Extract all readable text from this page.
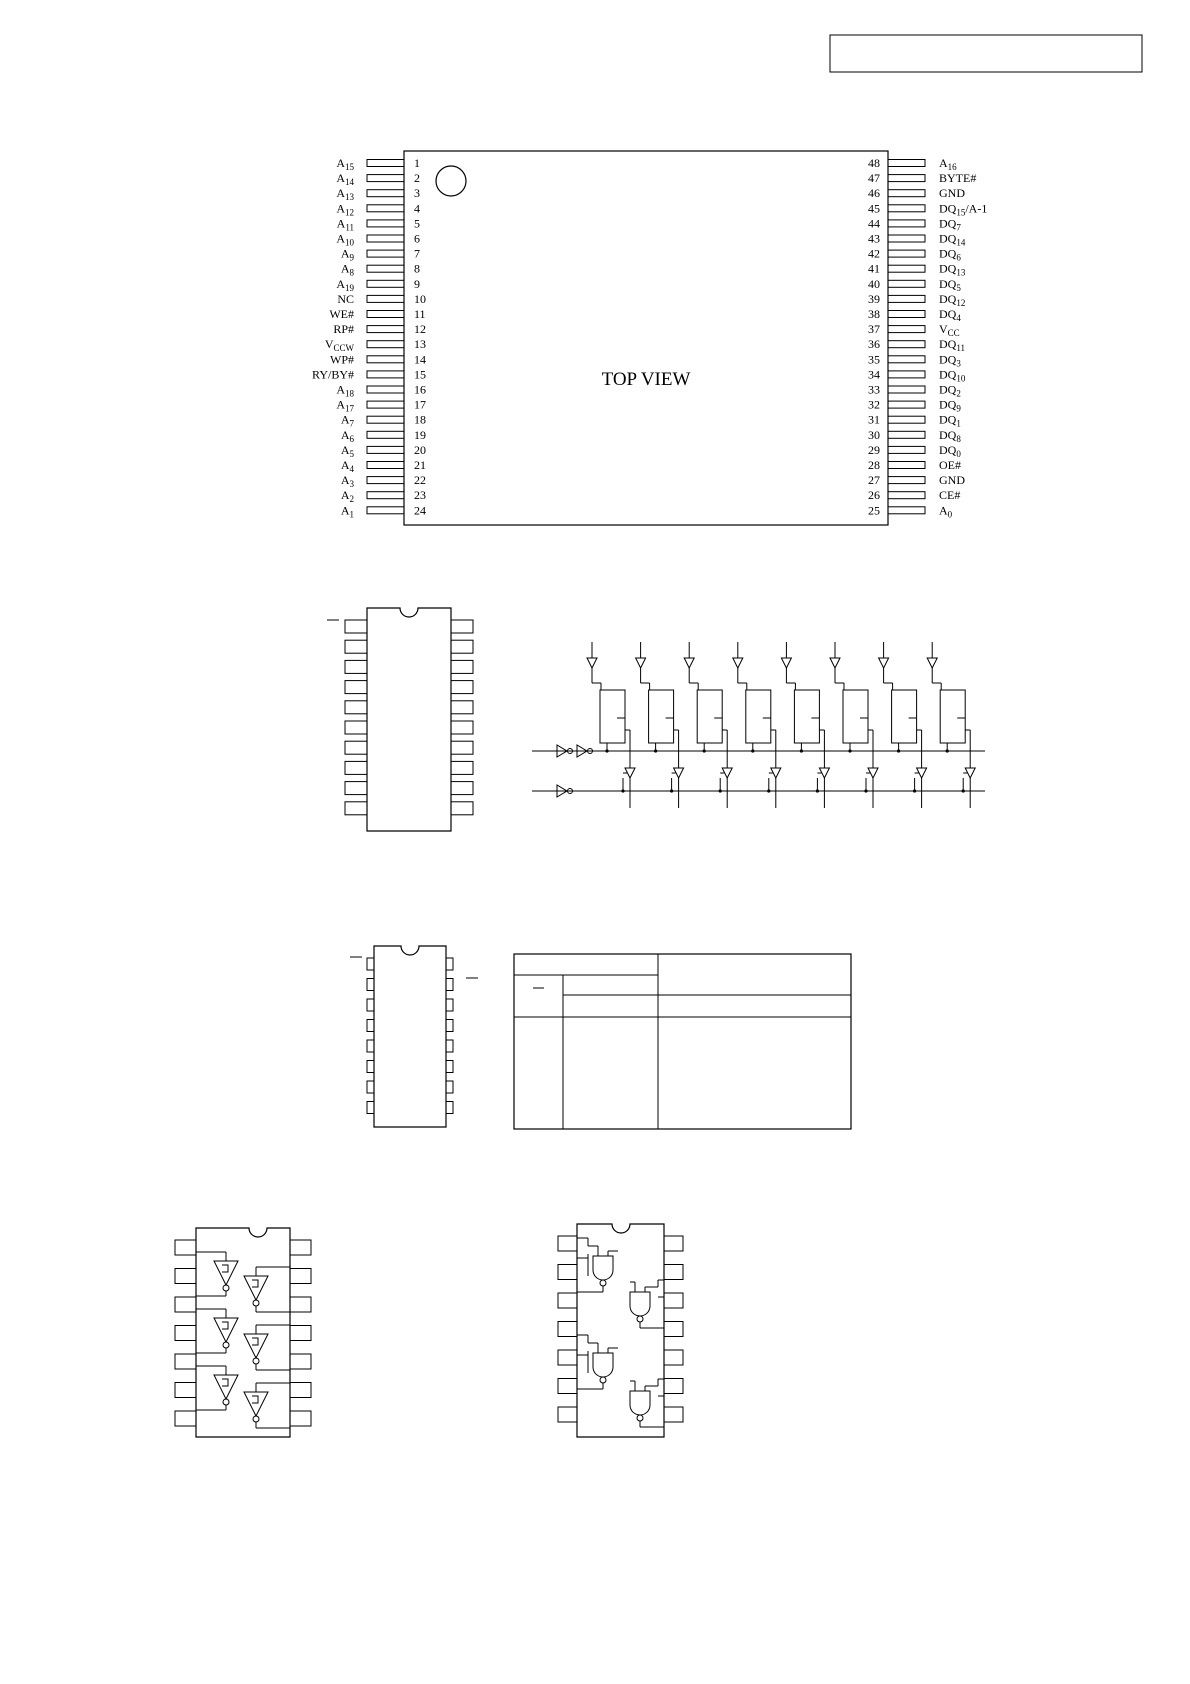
TOP VIEW
1
$A_{15}$
2
$A_{14}$
3
$A_{13}$
4
$A_{12}$
5
$A_{11}$
6
$A_{10}$
7
$A_9$
8
$A_8$
9
$A_{19}$
10
NC
11
WE#
12
RP#
13
$V_{CCW}$
14
WP#
15
RY/BY#
16
$A_{18}$
17
$A_{17}$
18
$A_7$
19
$A_6$
20
$A_5$
21
$A_4$
22
$A_3$
23
$A_2$
24
$A_1$
48	$A_{16}$
47	BYTE#
46	GND
45	$DQ_{15}/A-1$
44	$DQ_7$
43	$DQ_{14}$
42	$DQ_6$
41	$DQ_{13}$
40	$DQ_5$
39	$DQ_{12}$
38	$DQ_4$
37	$V_{CC}$
36	$DQ_{11}$
35	$DQ_3$
34	$DQ_{10}$
33	$DQ_2$
32	$DQ_9$
31	$DQ_1$
30	$DQ_8$
29	$DQ_0$
28	OE#
27	GND
26	CE#
25	$A_0$
